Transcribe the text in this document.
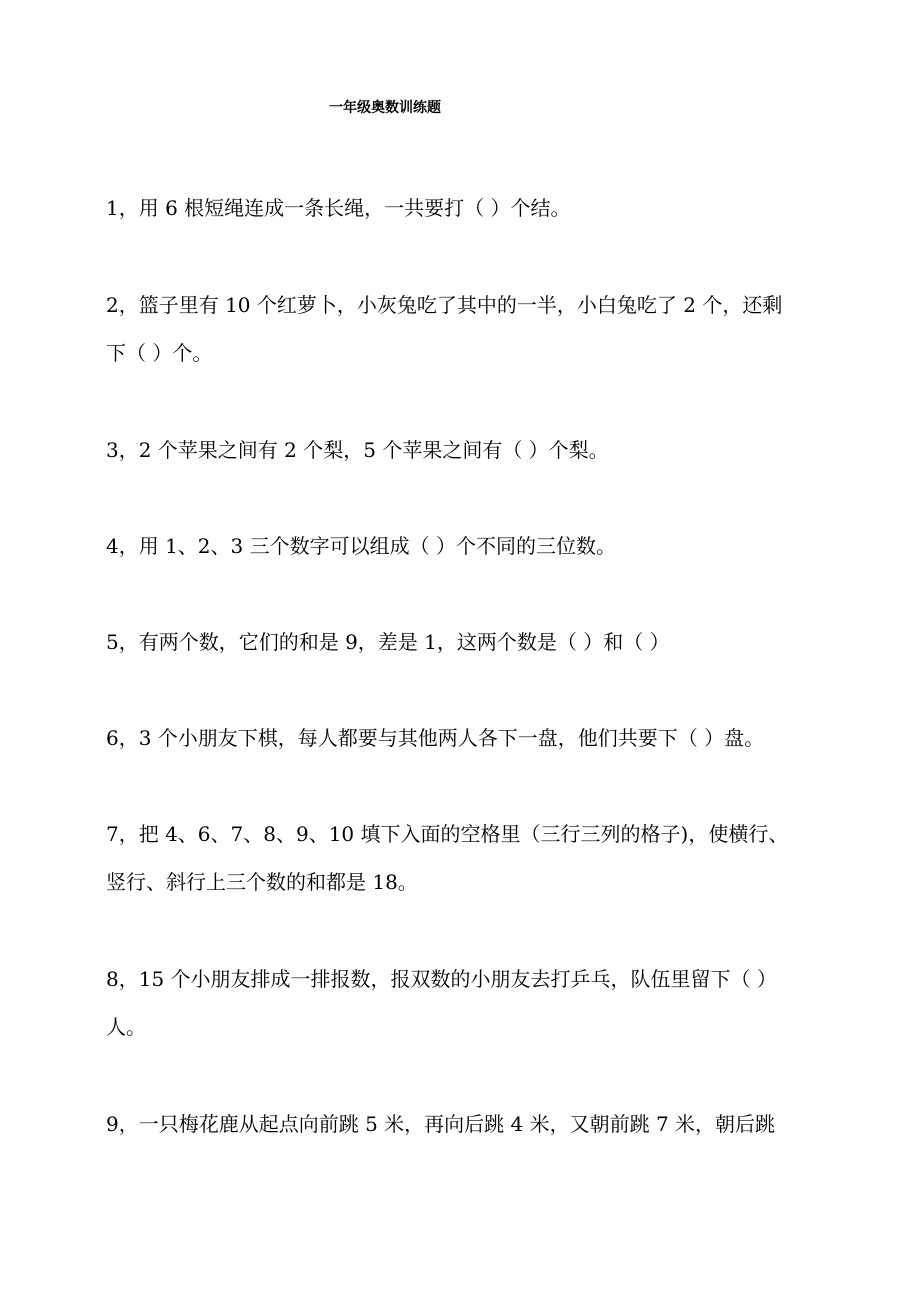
一年级奥数训练题

1，用 6 根短绳连成一条长绳，一共要打（ ）个结。

2，篮子里有 10 个红萝卜，小灰兔吃了其中的一半，小白兔吃了 2 个，还剩
下（ ）个。

3，2 个苹果之间有 2 个梨，5 个苹果之间有（ ）个梨。

4，用 1、2、3 三个数字可以组成（ ）个不同的三位数。

5，有两个数，它们的和是 9，差是 1，这两个数是（ ）和（ ）

6，3 个小朋友下棋，每人都要与其他两人各下一盘，他们共要下（ ）盘。

7，把 4、6、7、8、9、10 填下入面的空格里（三行三列的格子)，使横行、
竖行、斜行上三个数的和都是 18。

8，15 个小朋友排成一排报数，报双数的小朋友去打乒乓，队伍里留下（ ）
人。

9，一只梅花鹿从起点向前跳 5 米，再向后跳 4 米，又朝前跳 7 米，朝后跳
